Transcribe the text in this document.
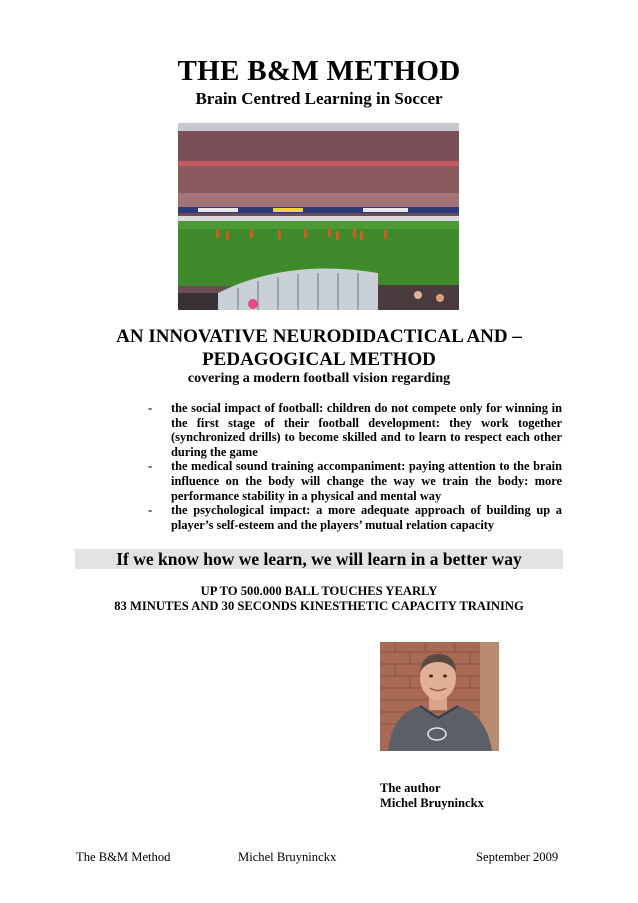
THE B&M METHOD
Brain Centred Learning in Soccer
AN INNOVATIVE NEURODIDACTICAL AND –
PEDAGOGICAL METHOD
covering a modern football vision regarding
- the social impact of football: children do not compete only for winning in the first stage of their football development: they work together (synchronized drills) to become skilled and to learn to respect each other during the game
- the medical sound training accompaniment: paying attention to the brain influence on the body will change the way we train the body: more performance stability in a physical and mental way
- the psychological impact: a more adequate approach of building up a player’s self-esteem and the players’ mutual relation capacity
If we know how we learn, we will learn in a better way
UP TO 500.000 BALL TOUCHES YEARLY
83 MINUTES AND 30 SECONDS KINESTHETIC CAPACITY TRAINING
The author
Michel Bruyninckx
The B&M Method	Michel Bruyninckx	September 2009
